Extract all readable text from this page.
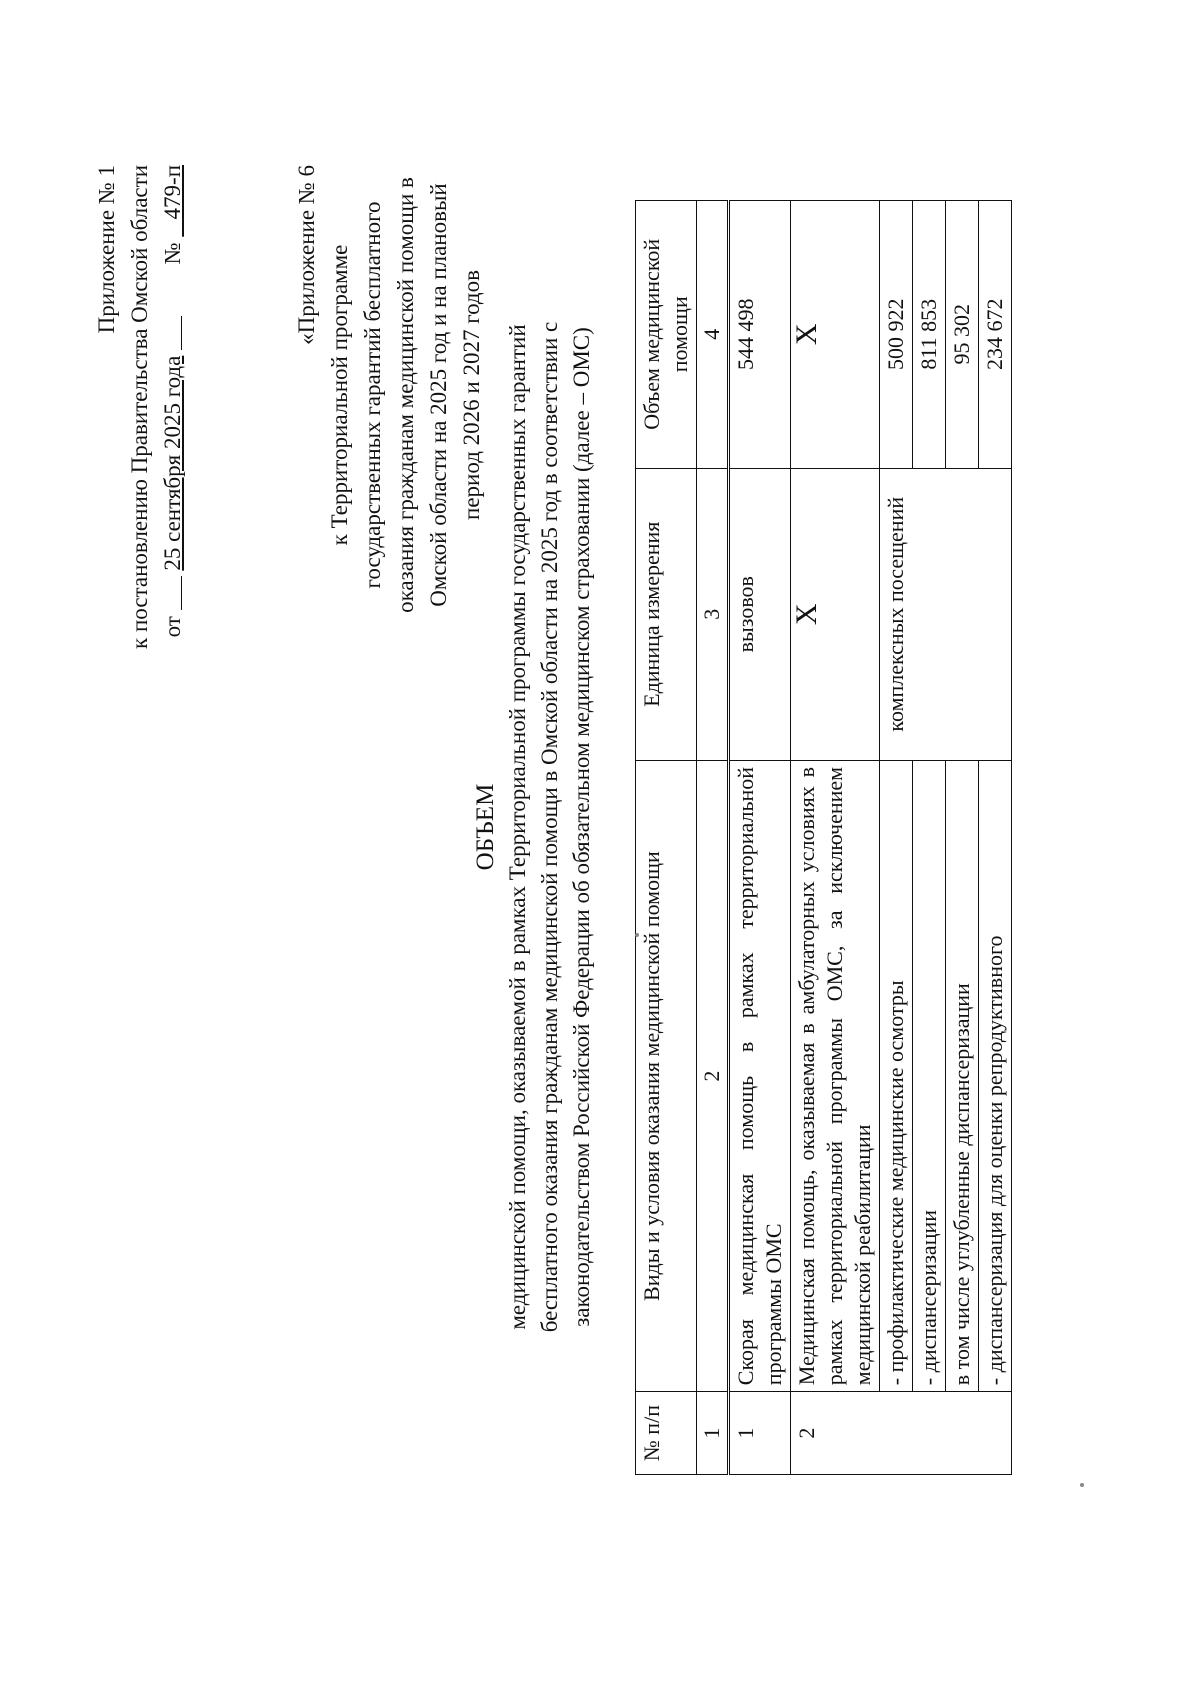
Приложение № 1 к постановлению Правительства Омской области от  25 сентября 2025 года   №    479-п	«Приложение № 6 к Территориальной программе государственных гарантий бесплатного оказания гражданам медицинской помощи в Омской области на 2025 год и на плановый период 2026 и 2027 годов
ОБЪЕМ медицинской помощи, оказываемой в рамках Территориальной программы государственных гарантий бесплатного оказания гражданам медицинской помощи в Омской области на 2025 год в соответствии с законодательством Российской Федерации об обязательном медицинском страховании (далее – ОМС)
№ п/п	Виды и условия оказания медицинской помощи	Единица измерения	Объем медицинской помощи
1	2	3	4
1	Скорая медицинская помощь в рамках территориальной программы ОМС	вызовов	544 498
2	Медицинская помощь, оказываемая в амбулаторных условиях в рамках территориальной программы ОМС, за исключением медицинской реабилитации	X	X
	- профилактические медицинские осмотры	комплексных посещений	500 922
	- диспансеризации		811 853
	в том числе углубленные диспансеризации		95 302
	- диспансеризация для оценки репродуктивного		234 672
